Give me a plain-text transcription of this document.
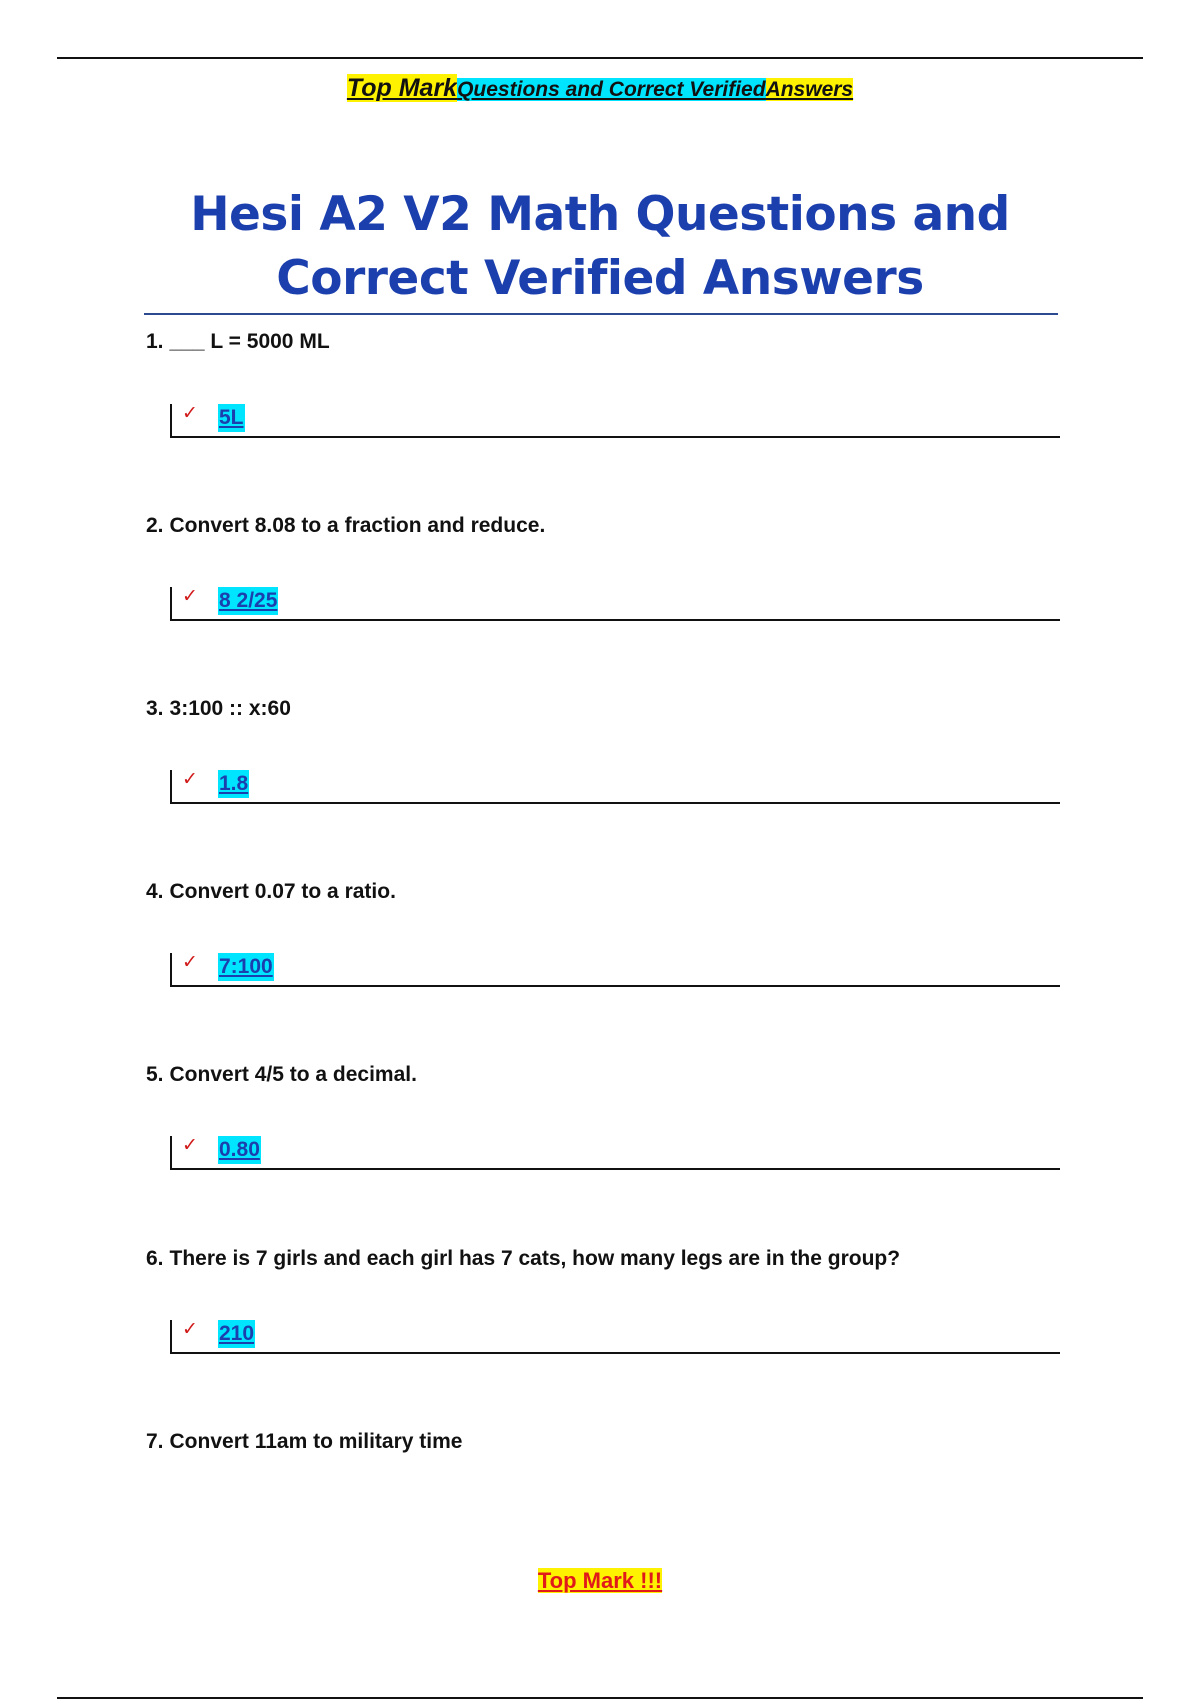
Top MarkQuestions and Correct VerifiedAnswers
Hesi A2 V2 Math Questions and Correct Verified Answers
1. ___ L = 5000 ML
✓ 5L
2. Convert 8.08 to a fraction and reduce.
✓ 8 2/25
3. 3:100 :: x:60
✓ 1.8
4. Convert 0.07 to a ratio.
✓ 7:100
5. Convert 4/5 to a decimal.
✓ 0.80
6. There is 7 girls and each girl has 7 cats, how many legs are in the group?
✓ 210
7. Convert 11am to military time
Top Mark !!!
